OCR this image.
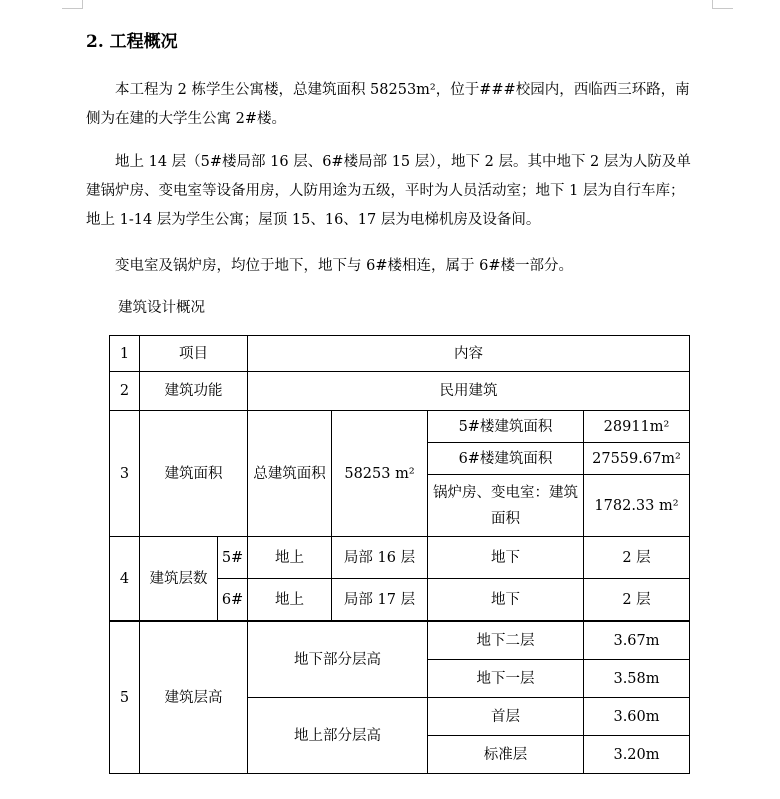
2. 工程概况
本工程为 2 栋学生公寓楼，总建筑面积 58253m²，位于###校园内，西临西三环路，南侧为在建的大学生公寓 2#楼。
地上 14 层（5#楼局部 16 层、6#楼局部 15 层），地下 2 层。其中地下 2 层为人防及单建锅炉房、变电室等设备用房，人防用途为五级，平时为人员活动室；地下 1 层为自行车库；地上 1-14 层为学生公寓；屋顶 15、16、17 层为电梯机房及设备间。
变电室及锅炉房，均位于地下，地下与 6#楼相连，属于 6#楼一部分。
建筑设计概况
1	项目		内容			
2	建筑功能		民用建筑			
3	建筑面积		总建筑面积	58253 m²	5#楼建筑面积	28911m²
					6#楼建筑面积	27559.67m²
					锅炉房、变电室：建筑面积	1782.33 m²
4	建筑层数	5#	地上	局部 16 层	地下	2 层
		6#	地上	局部 17 层	地下	2 层
5	建筑层高	地下部分层高	地下二层	3.67m
			地下一层	3.58m
		地上部分层高	首层	3.60m
			标准层	3.20m
